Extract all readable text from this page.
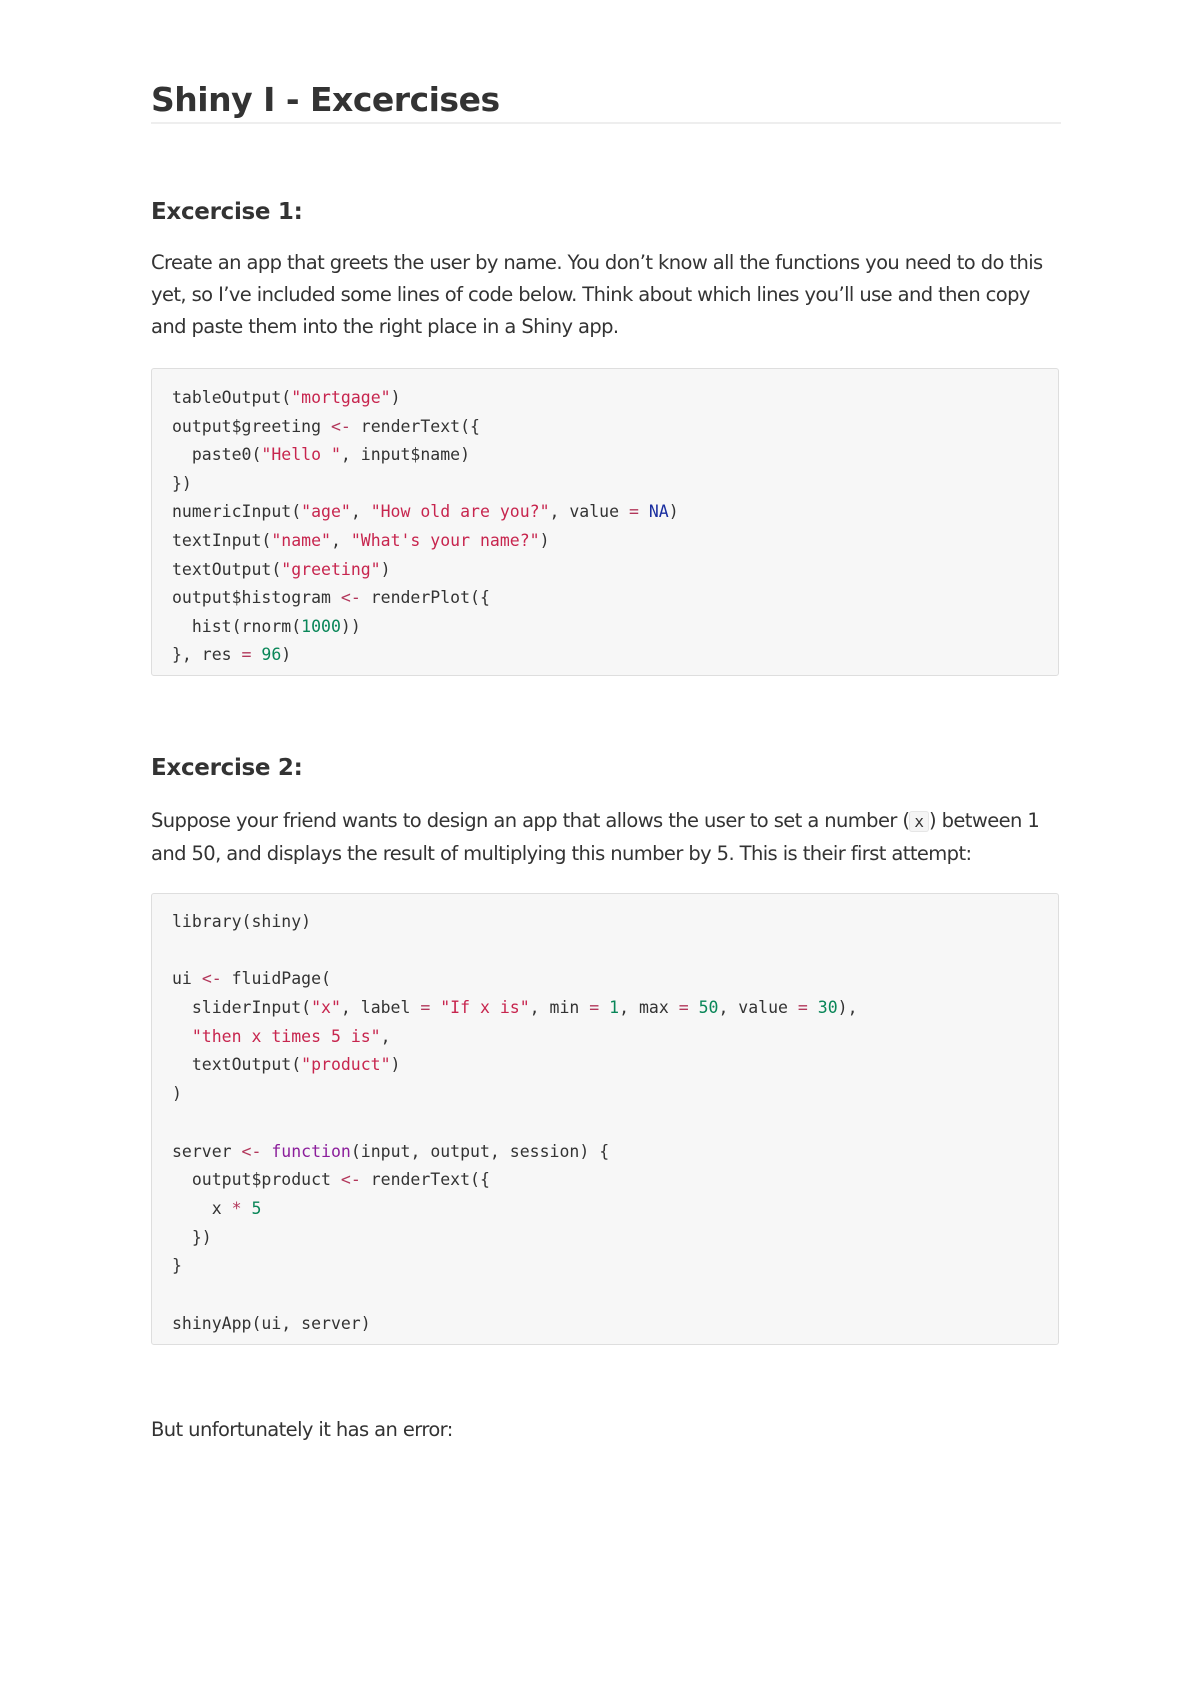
Shiny I - Excercises
Excercise 1:

Create an app that greets the user by name. You don’t know all the functions you need to do this yet, so I’ve included some lines of code below. Think about which lines you’ll use and then copy and paste them into the right place in a Shiny app.

tableOutput("mortgage")
output$greeting <- renderText({
paste0("Hello ", input$name)
})
numericInput("age", "How old are you?", value = NA)
textInput("name", "What's your name?")
textOutput("greeting")
output$histogram <- renderPlot({
hist(rnorm(1000))
}, res = 96)
Excercise 2:

Suppose your friend wants to design an app that allows the user to set a number ( x ) between 1 and 50, and displays the result of multiplying this number by 5. This is their first attempt:

library(shiny)
ui <- fluidPage(
sliderInput("x", label = "If x is", min = 1, max = 50, value = 30),
"then x times 5 is",
textOutput("product")
)
server <- function(input, output, session) {
output$product <- renderText({
x * 5
})
}
shinyApp(ui, server)

But unfortunately it has an error:
